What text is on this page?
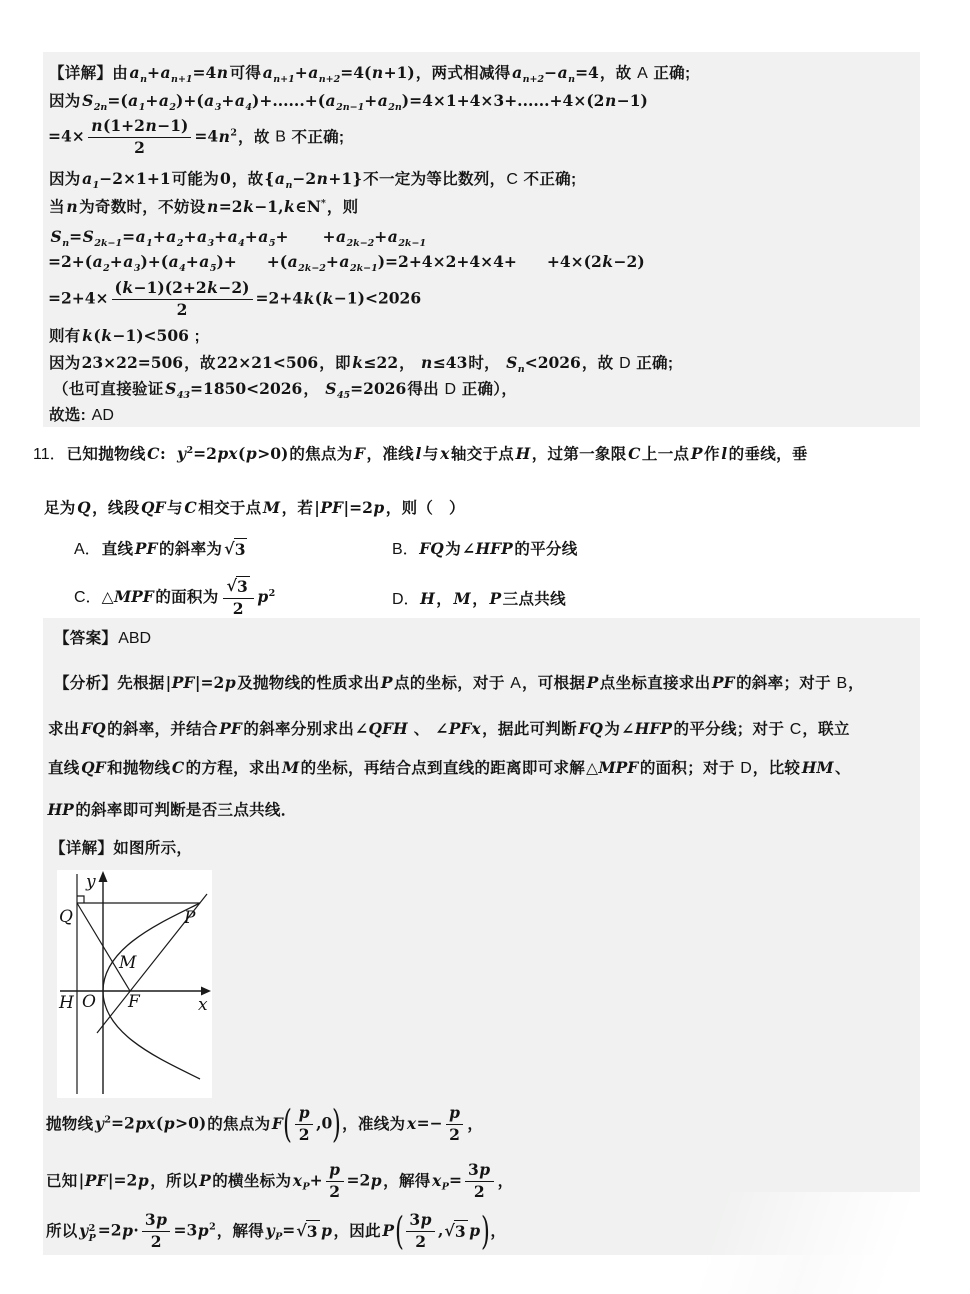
【详解】由$a_n+a_{n+1}=4n$可得$a_{n+1}+a_{n+2}=4(n+1)$，两式相减得$a_{n+2}-a_n=4$，故 A 正确;
因为$S_{2n}=(a_1+a_2)+(a_3+a_4)+......+(a_{2n-1}+a_{2n})=4\times 1+4\times 3+......+4\times(2n-1)$
$=4\times \frac{n(1+2n-1)}{2} =4n^2$，故 B 不正确;
因为$a_1-2\times 1+1$可能为0，故$\{a_n-2n+1\}$不一定为等比数列，C 不正确;
当n为奇数时，不妨设n=2k−1,k∈N*，则
$S_n=S_{2k-1}=a_1+a_2+a_3+a_4+a_5+ +a_{2k-2}+a_{2k-1}$
$=2+(a_2+a_3)+(a_4+a_5)+ +(a_{2k-2}+a_{2k-1})=2+4\times 2+4\times 4+ +4\times(2k-2)$
$=2+4\times \frac{(k-1)(2+2k-2)}{2} =2+4k(k-1)<2026$
则有k(k−1)<506 ;
因为23×22=506，故22×21<506，即k≤22， n≤43时， $S_n<2026$，故 D 正确;
（也可直接验证$S_{43}=1850<2026$， $S_{45}=2026$得出 D 正确），
故选: AD
11．已知抛物线C:  $y^2=2px(p>0)$的焦点为F，准线l与x轴交于点H，过第一象限C上一点P作l的垂线，垂
足为Q，线段QF与C相交于点M，若|PF|=2p，则（　）
A．直线PF的斜率为 √ 3	B．FQ为∠HFP的平分线
C．△MPF的面积为 $\frac{√ 3}{2} p^2$	D．H，M，P三点共线
【答案】ABD
【分析】先根据|PF|=2p及抛物线的性质求出P点的坐标，对于 A，可根据P点坐标直接求出PF的斜率；对于 B，
求出FQ的斜率，并结合PF的斜率分别求出∠QFH 、 ∠PFx，据此可判断FQ为∠HFP的平分线；对于 C，联立
直线QF和抛物线C的方程，求出M的坐标，再结合点到直线的距离即可求解△MPF的面积；对于 D，比较HM、
HP的斜率即可判断是否三点共线．
【详解】如图所示，
y
x
Q	P
M
H O F
抛物线$y^2=2px(p>0)$的焦点为$F( \frac{p}{2} ,0)$，准线为$x=- \frac{p}{2}$ ，
已知|PF|=2p，所以P的横坐标为$x_P+ \frac{p}{2} =2p$，解得$x_P= \frac{3p}{2}$ ，
所以y 2
$P =2p\cdot \frac{3p}{2} =3p^2$，解得$y_P=$ √ 3 p，因此$P( \frac{3p}{2}$ , √ 3 p)，
